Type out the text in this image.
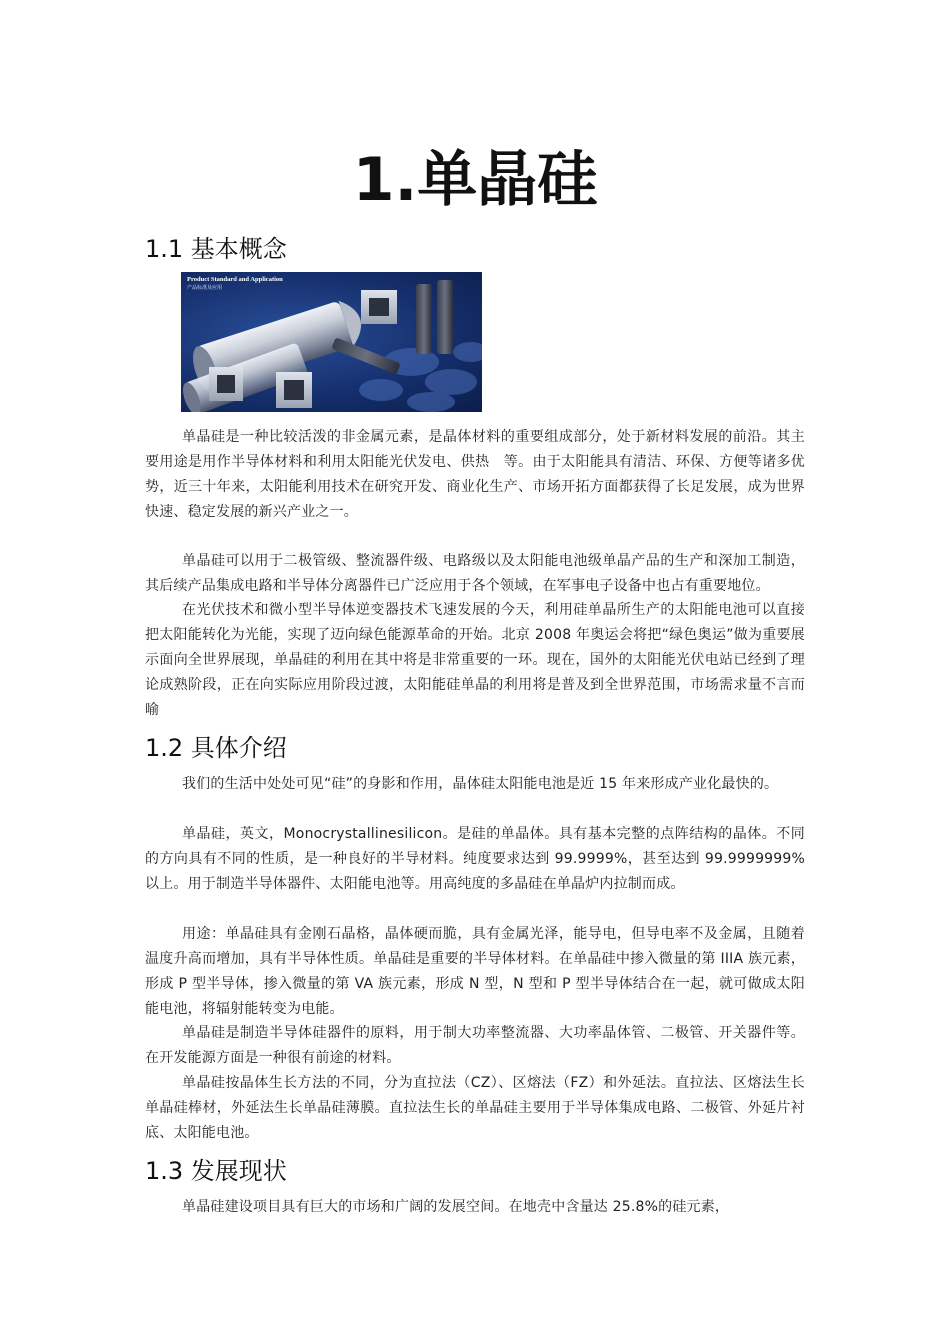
1.单晶硅
1.1 基本概念
Product Standard and Application
产品标准及应用

单晶硅是一种比较活泼的非金属元素，是晶体材料的重要组成部分，处于新材料发展的前沿。其主要用途是用作半导体材料和利用太阳能光伏发电、供热　等。由于太阳能具有清洁、环保、方便等诸多优势，近三十年来，太阳能利用技术在研究开发、商业化生产、市场开拓方面都获得了长足发展，成为世界快速、稳定发展的新兴产业之一。

单晶硅可以用于二极管级、整流器件级、电路级以及太阳能电池级单晶产品的生产和深加工制造，其后续产品集成电路和半导体分离器件已广泛应用于各个领域，在军事电子设备中也占有重要地位。

在光伏技术和微小型半导体逆变器技术飞速发展的今天，利用硅单晶所生产的太阳能电池可以直接把太阳能转化为光能，实现了迈向绿色能源革命的开始。北京 2008 年奥运会将把“绿色奥运”做为重要展示面向全世界展现，单晶硅的利用在其中将是非常重要的一环。现在，国外的太阳能光伏电站已经到了理论成熟阶段，正在向实际应用阶段过渡，太阳能硅单晶的利用将是普及到全世界范围，市场需求量不言而喻

1.2 具体介绍

我们的生活中处处可见“硅”的身影和作用，晶体硅太阳能电池是近 15 年来形成产业化最快的。

单晶硅，英文，Monocrystallinesilicon。是硅的单晶体。具有基本完整的点阵结构的晶体。不同的方向具有不同的性质，是一种良好的半导材料。纯度要求达到 99.9999%，甚至达到 99.9999999%以上。用于制造半导体器件、太阳能电池等。用高纯度的多晶硅在单晶炉内拉制而成。

用途：单晶硅具有金刚石晶格，晶体硬而脆，具有金属光泽，能导电，但导电率不及金属，且随着温度升高而增加，具有半导体性质。单晶硅是重要的半导体材料。在单晶硅中掺入微量的第 IIIA 族元素，形成 P 型半导体，掺入微量的第 VA 族元素，形成 N 型，N 型和 P 型半导体结合在一起，就可做成太阳能电池，将辐射能转变为电能。

单晶硅是制造半导体硅器件的原料，用于制大功率整流器、大功率晶体管、二极管、开关器件等。在开发能源方面是一种很有前途的材料。

单晶硅按晶体生长方法的不同，分为直拉法（CZ）、区熔法（FZ）和外延法。直拉法、区熔法生长单晶硅棒材，外延法生长单晶硅薄膜。直拉法生长的单晶硅主要用于半导体集成电路、二极管、外延片衬底、太阳能电池。

1.3 发展现状

单晶硅建设项目具有巨大的市场和广阔的发展空间。在地壳中含量达 25.8%的硅元素，
